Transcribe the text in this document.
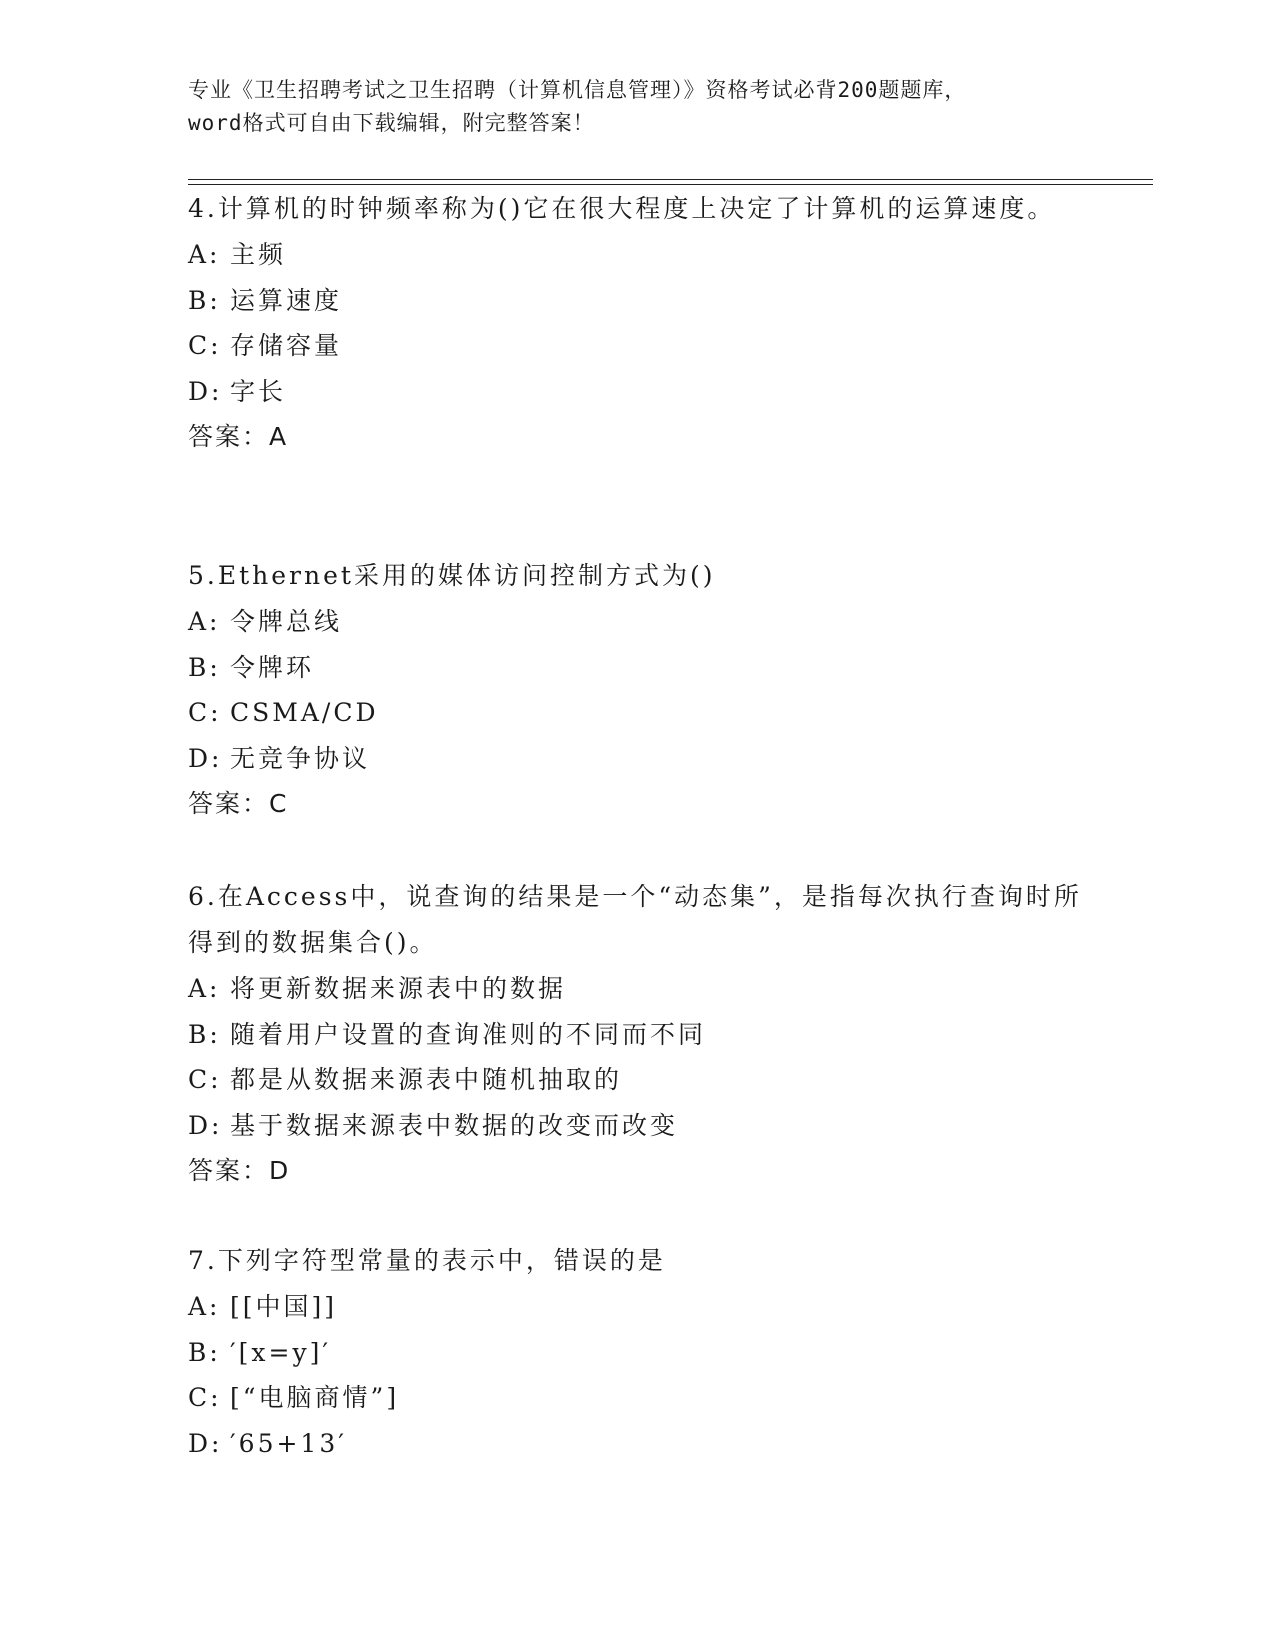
专业《卫生招聘考试之卫生招聘（计算机信息管理）》资格考试必背200题题库，
word格式可自由下载编辑，附完整答案！
4.计算机的时钟频率称为()它在很大程度上决定了计算机的运算速度。
A: 主频
B: 运算速度
C: 存储容量
D: 字长
答案：A
5.Ethernet采用的媒体访问控制方式为()
A: 令牌总线
B: 令牌环
C: CSMA/CD
D: 无竞争协议
答案：C
6.在Access中，说查询的结果是一个“动态集”，是指每次执行查询时所得到的数据集合()。
A: 将更新数据来源表中的数据
B: 随着用户设置的查询准则的不同而不同
C: 都是从数据来源表中随机抽取的
D: 基于数据来源表中数据的改变而改变
答案：D
7.下列字符型常量的表示中，错误的是
A: [[中国]]
B: ′[x=y]′
C: [“电脑商情”]
D: ′65+13′
